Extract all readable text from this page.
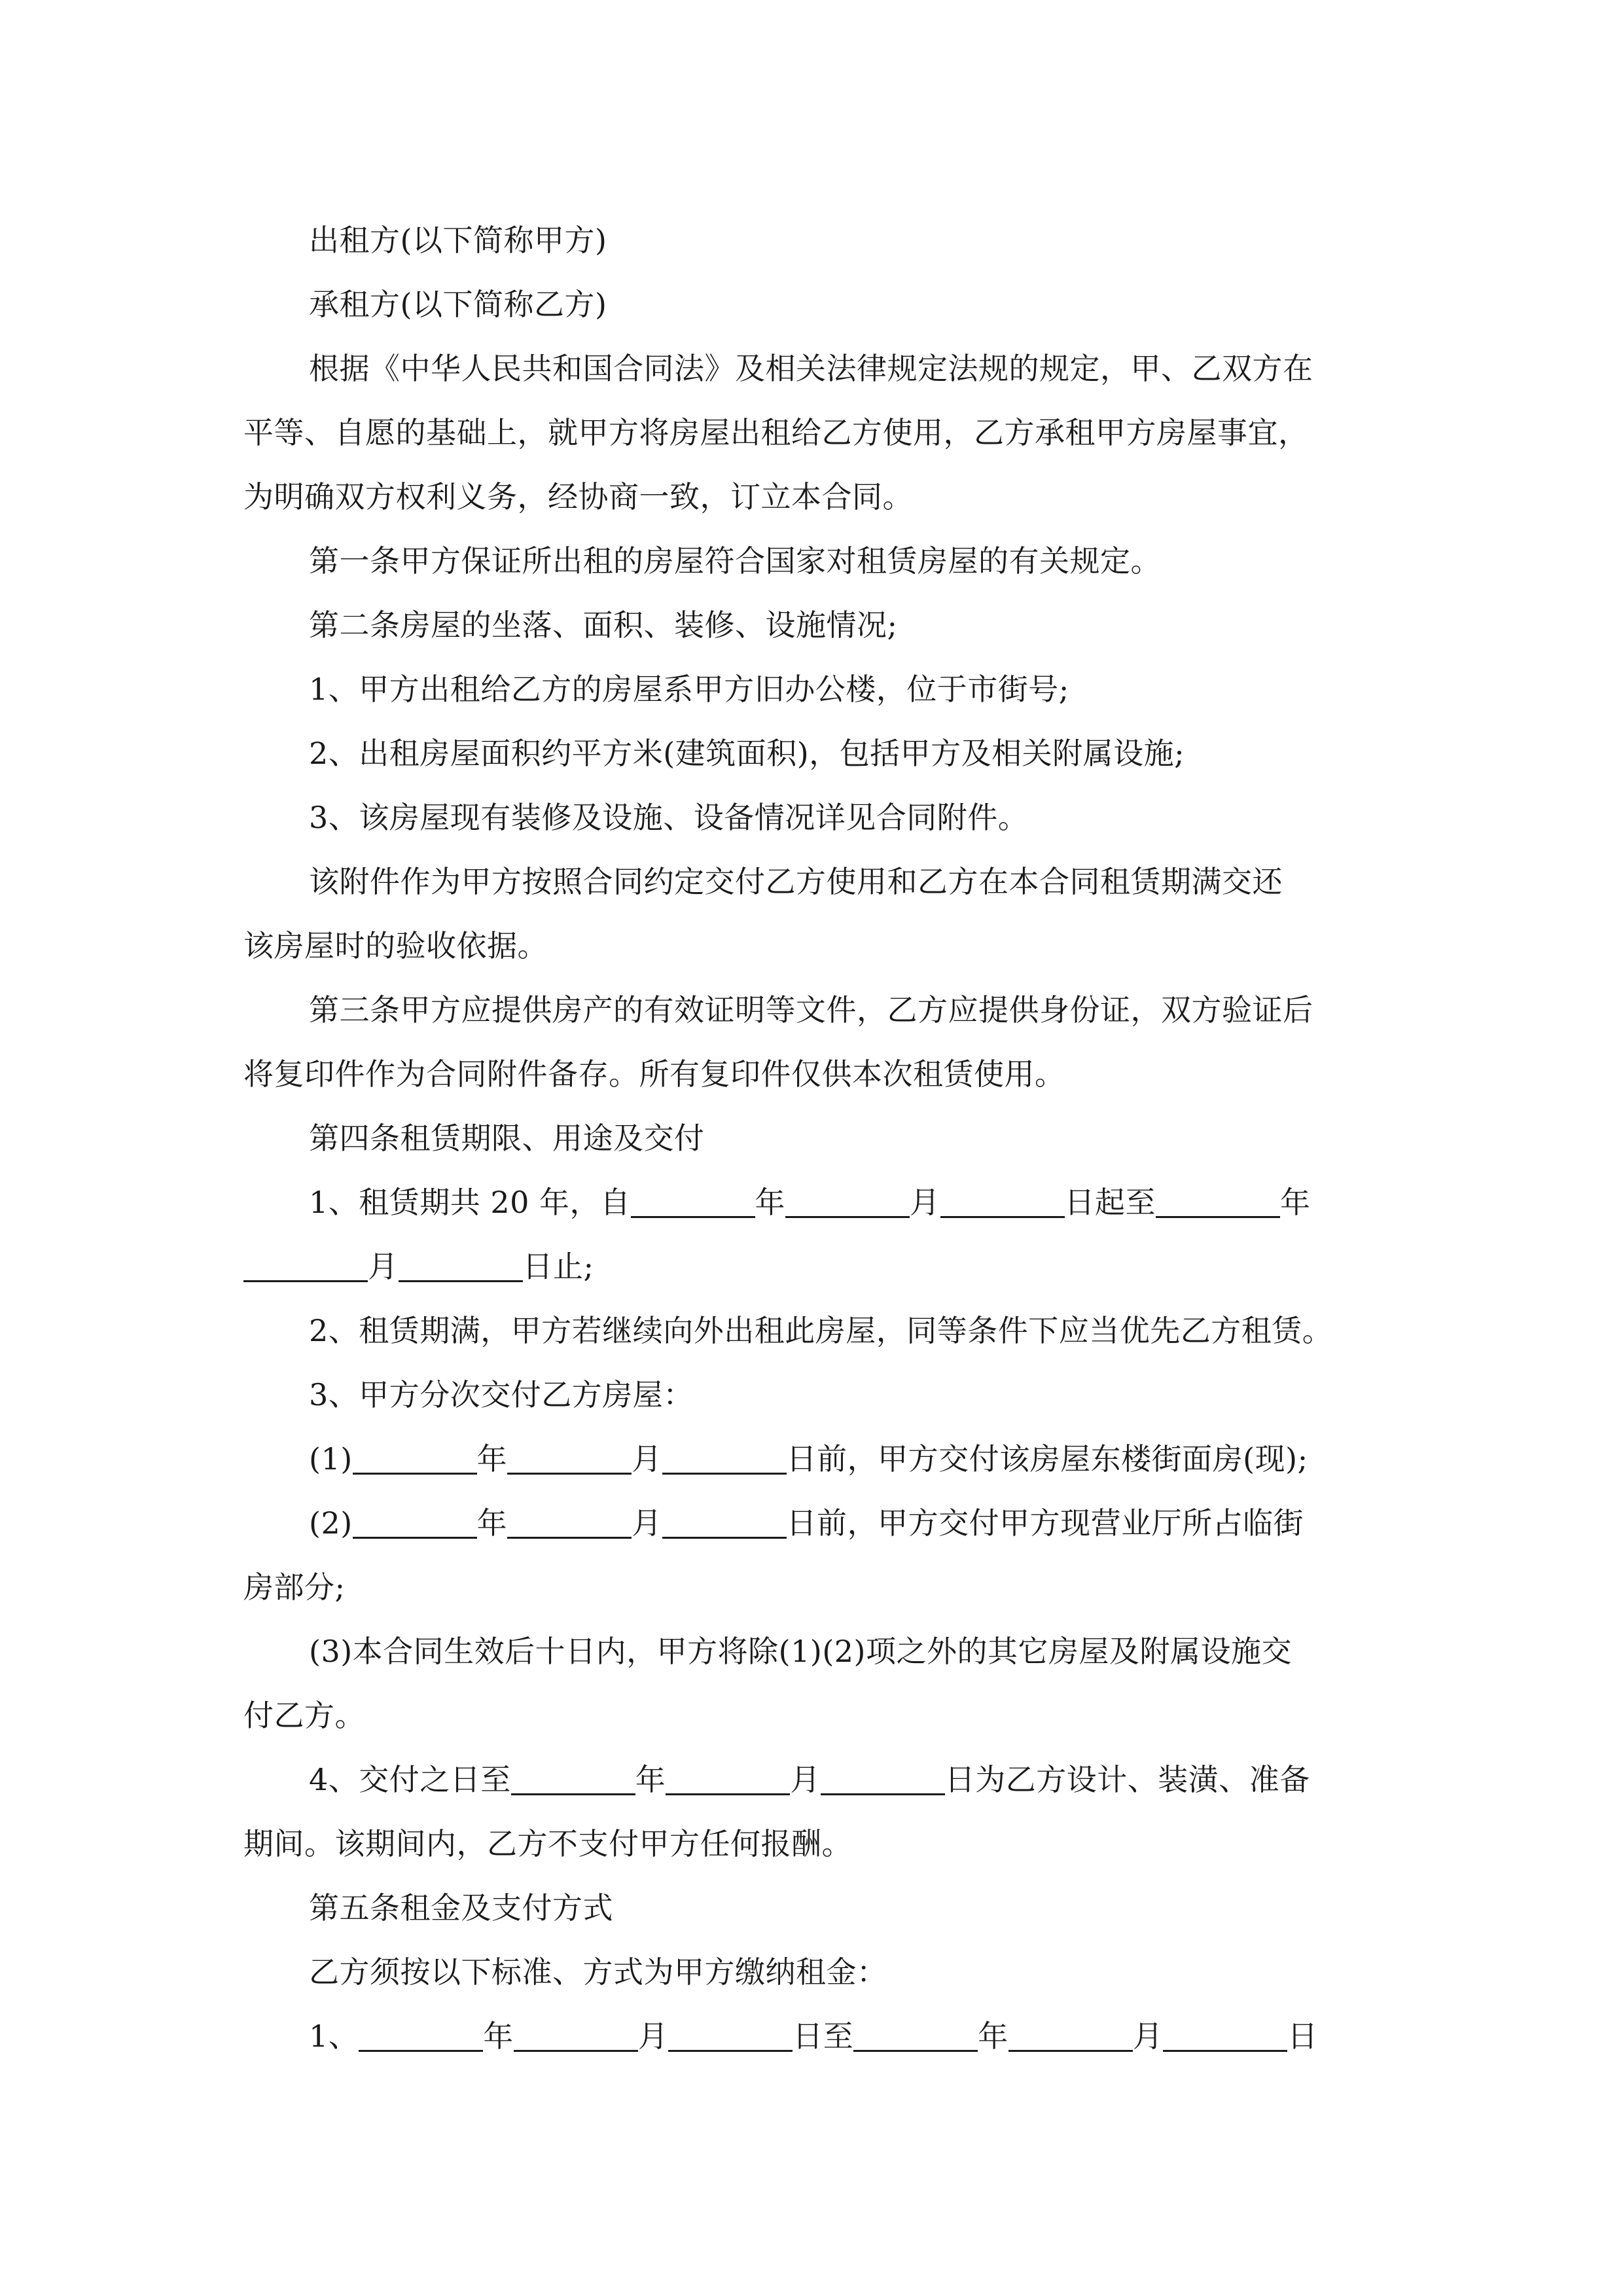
出租方(以下简称甲方)
承租方(以下简称乙方)
根据《中华人民共和国合同法》及相关法律规定法规的规定，甲、乙双方在
平等、自愿的基础上，就甲方将房屋出租给乙方使用，乙方承租甲方房屋事宜，
为明确双方权利义务，经协商一致，订立本合同。
第一条甲方保证所出租的房屋符合国家对租赁房屋的有关规定。
第二条房屋的坐落、面积、装修、设施情况;
1、甲方出租给乙方的房屋系甲方旧办公楼，位于市街号;
2、出租房屋面积约平方米(建筑面积)，包括甲方及相关附属设施;
3、该房屋现有装修及设施、设备情况详见合同附件。
该附件作为甲方按照合同约定交付乙方使用和乙方在本合同租赁期满交还
该房屋时的验收依据。
第三条甲方应提供房产的有效证明等文件，乙方应提供身份证，双方验证后
将复印件作为合同附件备存。所有复印件仅供本次租赁使用。
第四条租赁期限、用途及交付
1、租赁期共 20 年，自	年	月	日起至	年
月	日止;
2、租赁期满，甲方若继续向外出租此房屋，同等条件下应当优先乙方租赁。
3、甲方分次交付乙方房屋：
(1)	年	月	日前，甲方交付该房屋东楼街面房(现);
(2)	年	月	日前，甲方交付甲方现营业厅所占临街
房部分;
(3)本合同生效后十日内，甲方将除(1)(2)项之外的其它房屋及附属设施交
付乙方。
4、交付之日至	年	月	日为乙方设计、装潢、准备
期间。该期间内，乙方不支付甲方任何报酬。
第五条租金及支付方式
乙方须按以下标准、方式为甲方缴纳租金：
1、	年	月	日至	年	月	日
